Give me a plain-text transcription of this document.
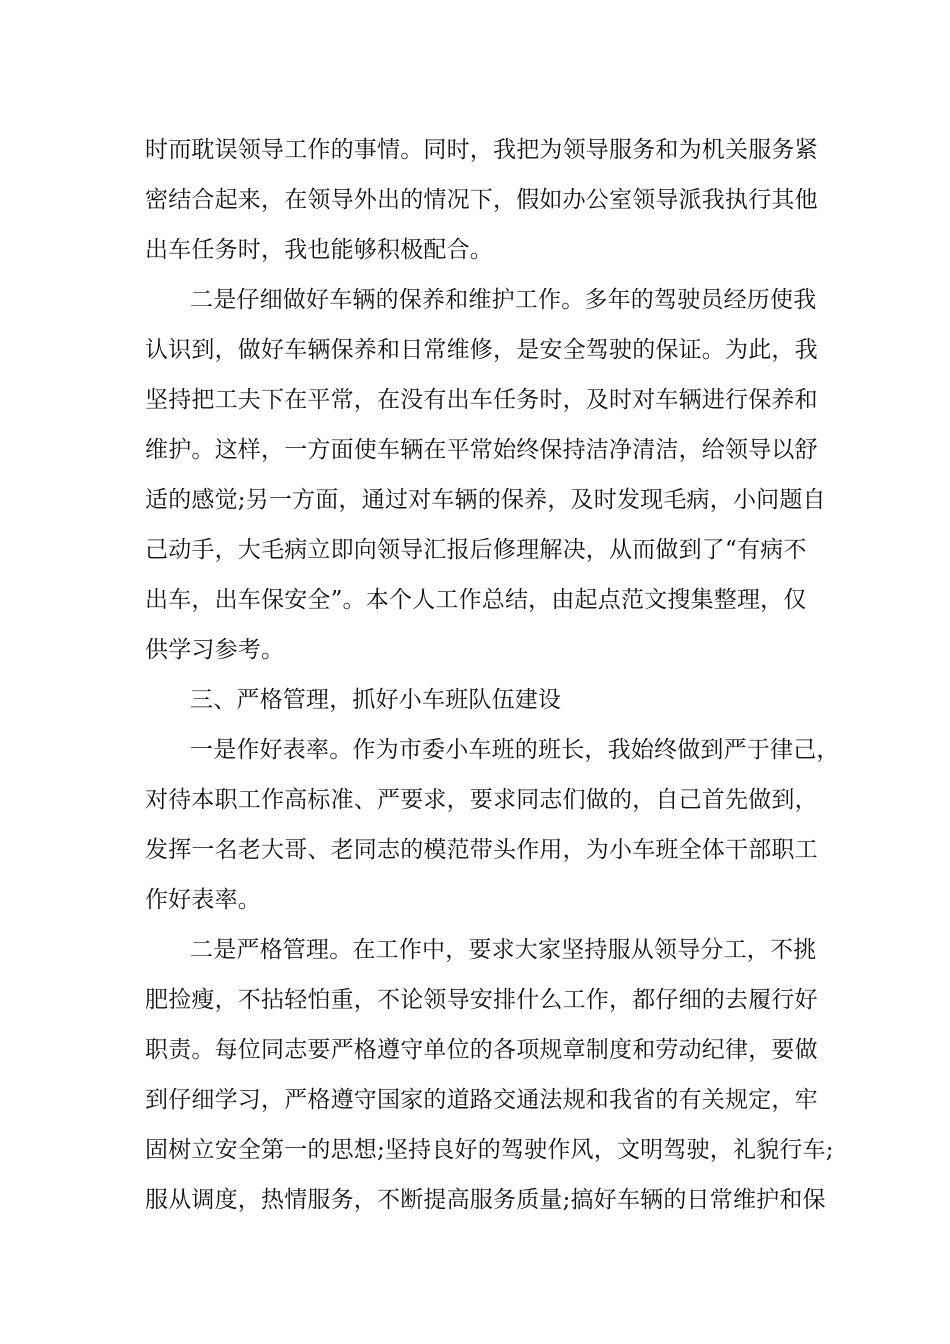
时而耽误领导工作的事情。同时，我把为领导服务和为机关服务紧
密结合起来，在领导外出的情况下，假如办公室领导派我执行其他
出车任务时，我也能够积极配合。
二是仔细做好车辆的保养和维护工作。多年的驾驶员经历使我
认识到，做好车辆保养和日常维修，是安全驾驶的保证。为此，我
坚持把工夫下在平常，在没有出车任务时，及时对车辆进行保养和
维护。这样，一方面使车辆在平常始终保持洁净清洁，给领导以舒
适的感觉;另一方面，通过对车辆的保养，及时发现毛病，小问题自
己动手，大毛病立即向领导汇报后修理解决，从而做到了“有病不
出车，出车保安全”。本个人工作总结，由起点范文搜集整理，仅
供学习参考。
三、严格管理，抓好小车班队伍建设
一是作好表率。作为市委小车班的班长，我始终做到严于律己，
对待本职工作高标准、严要求，要求同志们做的，自己首先做到，
发挥一名老大哥、老同志的模范带头作用，为小车班全体干部职工
作好表率。
二是严格管理。在工作中，要求大家坚持服从领导分工，不挑
肥捡瘦，不拈轻怕重，不论领导安排什么工作，都仔细的去履行好
职责。每位同志要严格遵守单位的各项规章制度和劳动纪律，要做
到仔细学习，严格遵守国家的道路交通法规和我省的有关规定，牢
固树立安全第一的思想;坚持良好的驾驶作风，文明驾驶，礼貌行车;
服从调度，热情服务，不断提高服务质量;搞好车辆的日常维护和保
